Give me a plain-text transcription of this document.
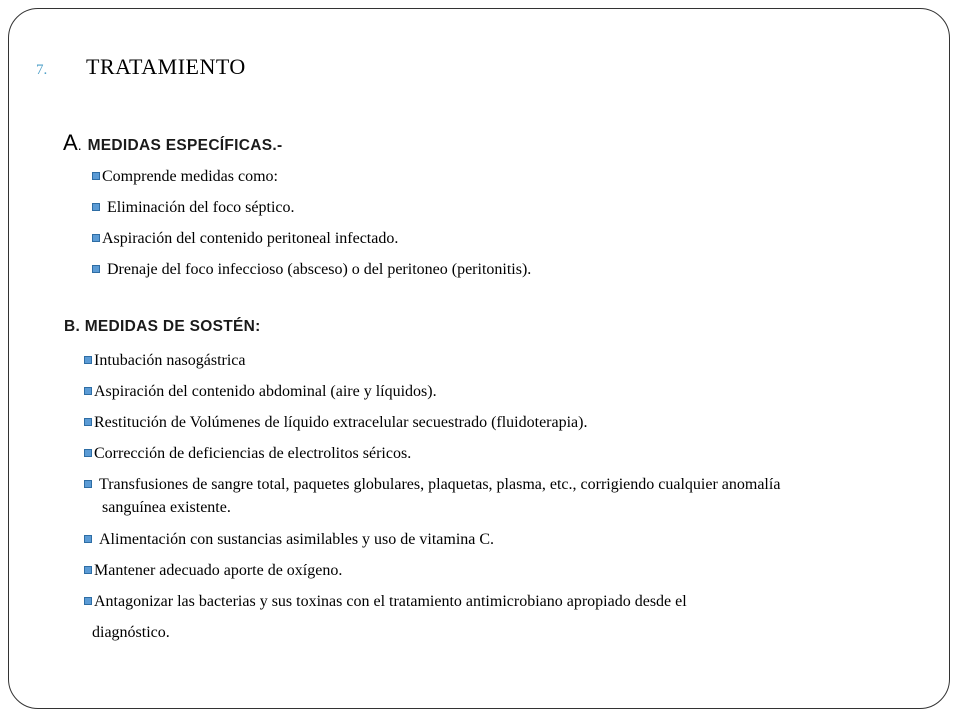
7.	TRATAMIENTO
A . MEDIDAS ESPECÍFICAS.-
Comprende medidas como:
Eliminación del foco séptico.
Aspiración del contenido peritoneal infectado.
Drenaje del foco infeccioso (absceso) o del peritoneo (peritonitis).
B. MEDIDAS DE SOSTÉN:
Intubación nasogástrica
Aspiración del contenido abdominal (aire y líquidos).
Restitución de Volúmenes de líquido extracelular secuestrado (fluidoterapia).
Corrección de deficiencias de electrolitos séricos.
Transfusiones de sangre total, paquetes globulares, plaquetas, plasma, etc., corrigiendo cualquier anomalía
sanguínea existente.
Alimentación con sustancias asimilables y uso de vitamina C.
Mantener adecuado aporte de oxígeno.
Antagonizar las bacterias y sus toxinas con el tratamiento antimicrobiano apropiado desde el
diagnóstico.
